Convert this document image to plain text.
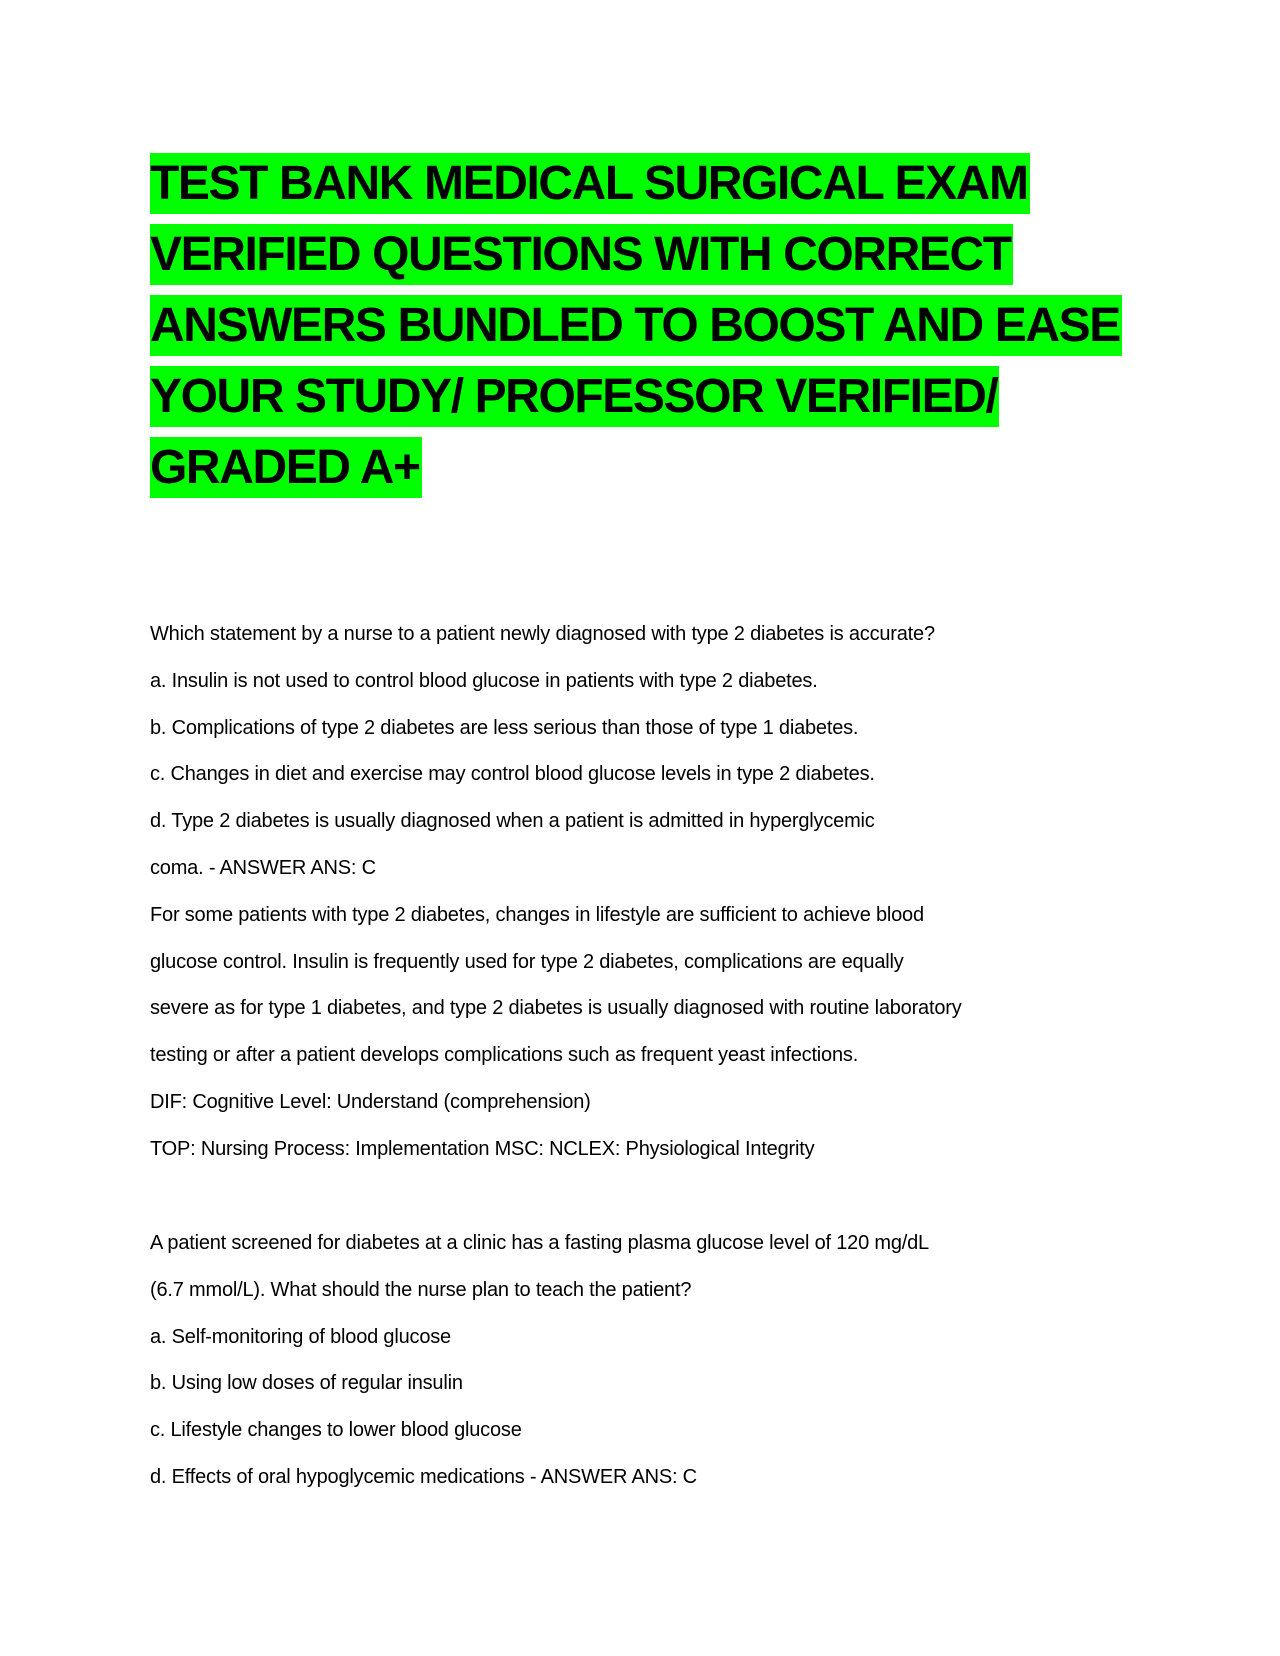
TEST BANK MEDICAL SURGICAL EXAM
VERIFIED QUESTIONS WITH CORRECT
ANSWERS BUNDLED TO BOOST AND EASE
YOUR STUDY/ PROFESSOR VERIFIED/
GRADED A+
Which statement by a nurse to a patient newly diagnosed with type 2 diabetes is accurate?
a. Insulin is not used to control blood glucose in patients with type 2 diabetes.
b. Complications of type 2 diabetes are less serious than those of type 1 diabetes.
c. Changes in diet and exercise may control blood glucose levels in type 2 diabetes.
d. Type 2 diabetes is usually diagnosed when a patient is admitted in hyperglycemic
coma. - ANSWER ANS: C
For some patients with type 2 diabetes, changes in lifestyle are sufficient to achieve blood
glucose control. Insulin is frequently used for type 2 diabetes, complications are equally
severe as for type 1 diabetes, and type 2 diabetes is usually diagnosed with routine laboratory
testing or after a patient develops complications such as frequent yeast infections.
DIF: Cognitive Level: Understand (comprehension)
TOP: Nursing Process: Implementation MSC: NCLEX: Physiological Integrity
A patient screened for diabetes at a clinic has a fasting plasma glucose level of 120 mg/dL
(6.7 mmol/L). What should the nurse plan to teach the patient?
a. Self-monitoring of blood glucose
b. Using low doses of regular insulin
c. Lifestyle changes to lower blood glucose
d. Effects of oral hypoglycemic medications - ANSWER ANS: C
